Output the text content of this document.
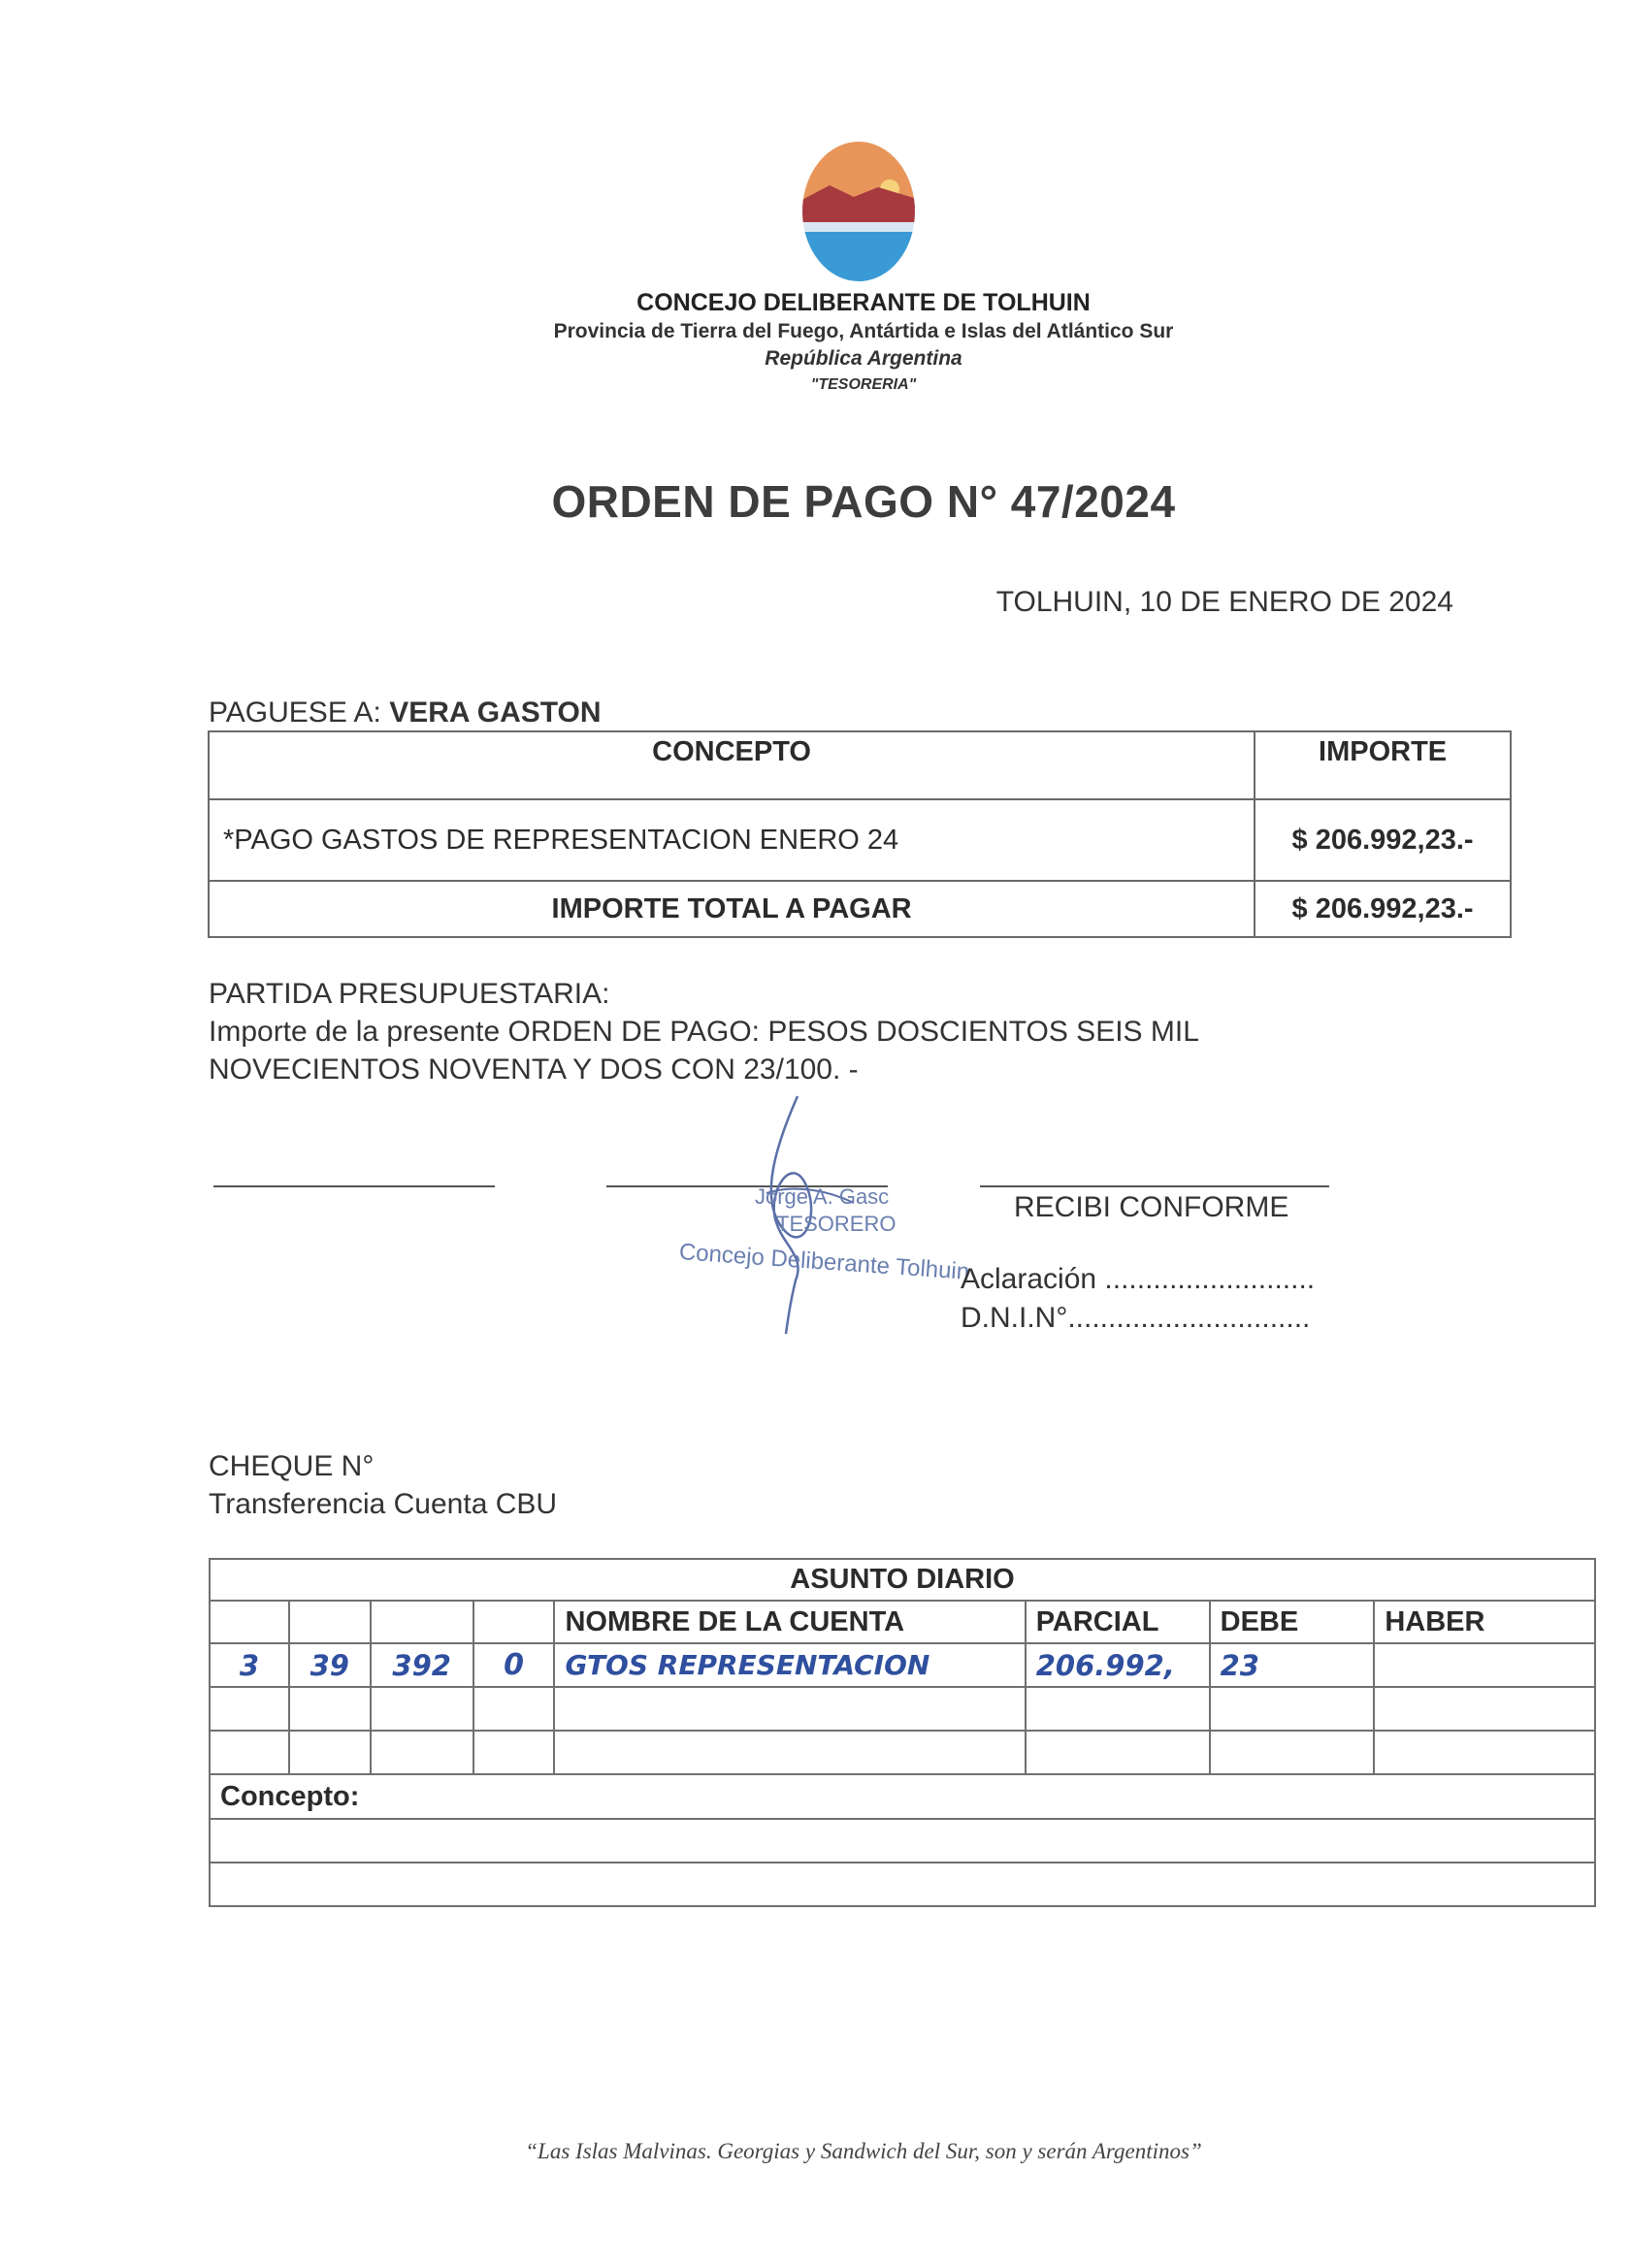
CONCEJO DELIBERANTE DE TOLHUIN
Provincia de Tierra del Fuego, Antártida e Islas del Atlántico Sur
República Argentina
"TESORERIA"
ORDEN DE PAGO N° 47/2024
TOLHUIN, 10 DE ENERO DE 2024
PAGUESE A: VERA GASTON
CONCEPTO	IMPORTE
*PAGO GASTOS DE REPRESENTACION ENERO 24	$ 206.992,23.-
IMPORTE TOTAL A PAGAR	$ 206.992,23.-
PARTIDA PRESUPUESTARIA:
Importe de la presente ORDEN DE PAGO: PESOS DOSCIENTOS SEIS MIL
NOVECIENTOS NOVENTA Y DOS CON 23/100. -
Jorge A. Gasc
TESORERO
Concejo Deliberante Tolhuin
RECIBI CONFORME
Aclaración ..........................
D.N.I.N°..............................
CHEQUE N°
Transferencia Cuenta CBU
ASUNTO DIARIO							
				NOMBRE DE LA CUENTA	PARCIAL	DEBE	HABER
3	39	392	0	GTOS REPRESENTACION	206.992,	23	

Concepto:							

“Las Islas Malvinas. Georgias y Sandwich del Sur, son y serán Argentinos”
